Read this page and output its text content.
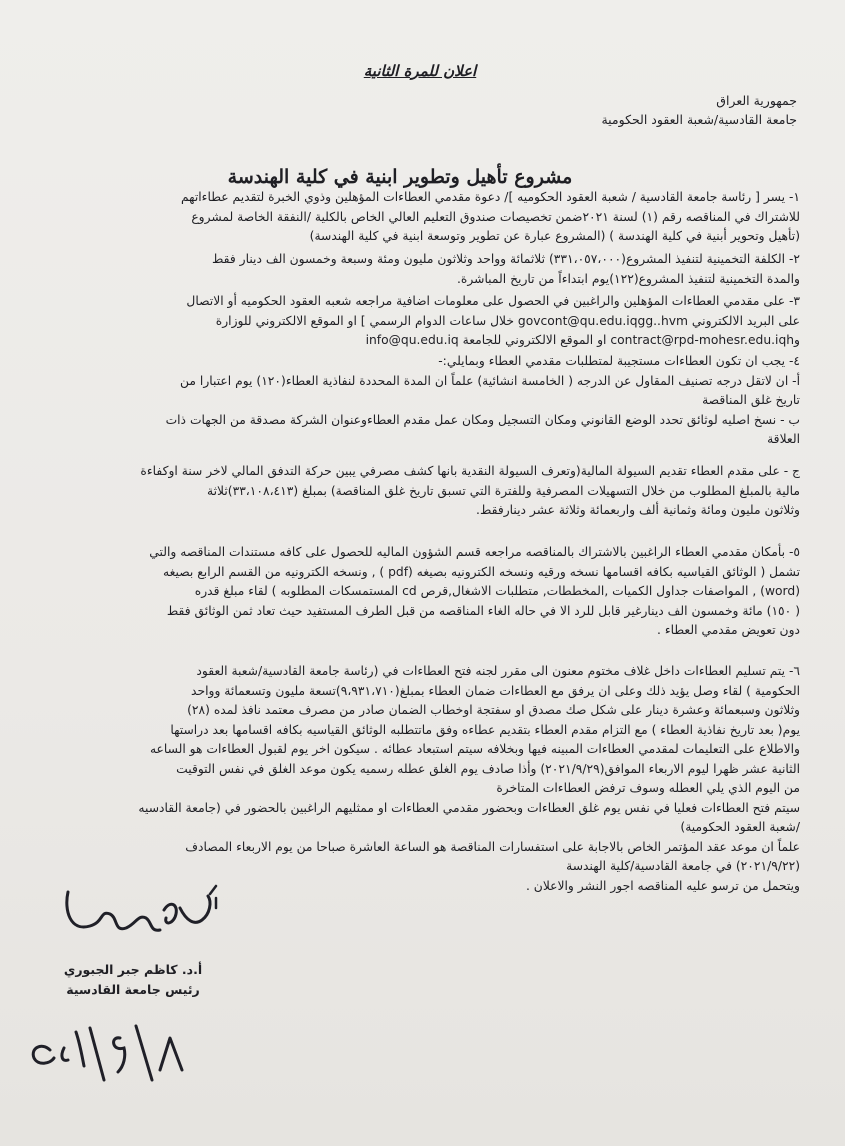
اعلان للمرة الثانية
جمهورية العراق
جامعة القادسية/شعبة العقود الحكومية
مشروع تأهيل وتطوير ابنية في كلية الهندسة
١- يسر [ رئاسة جامعة القادسية / شعبة العقود الحكوميه ]/ دعوة مقدمي العطاءات المؤهلين وذوي الخبرة لتقديم عطاءاتهم
للاشتراك في المناقصه رقم (١) لسنة ٢٠٢١ضمن تخصيصات صندوق التعليم العالي الخاص بالكلية /النفقة الخاصة لمشروع
(تأهيل وتحوير أبنية في كلية الهندسة ) (المشروع عبارة عن تطوير وتوسعة ابنية في كلية الهندسة)
٢- الكلفة التخمينية لتنفيذ المشروع(٣٣١،٠٥٧،٠٠٠) ثلاثمائة وواحد وثلاثون مليون ومئة وسبعة وخمسون الف دينار فقط
والمدة التخمينية لتنفيذ المشروع(١٢٢)يوم ابتداءاً من تاريخ المباشرة.
٣- على مقدمي العطاءات المؤهلين والراغبين في الحصول على معلومات اضافية مراجعه شعبه العقود الحكوميه أو الاتصال
على البريد الالكتروني govcont@qu.edu.iqgg..hvm خلال ساعات الدوام الرسمي ] او الموقع الالكتروني للوزارة
وcontract@rpd-mohesr.edu.iqh او الموقع الالكتروني للجامعة info@qu.edu.iq
٤- يجب ان تكون العطاءات مستجيبة لمتطلبات مقدمي العطاء وبمايلي:-
أ- ان لاتقل درجه تصنيف المقاول عن الدرجه ( الخامسة انشائية) علماً ان المدة المحددة لنفاذية العطاء(١٢٠) يوم اعتبارا من
تاريخ غلق المناقصة
ب - نسخ اصليه لوثائق تحدد الوضع القانوني ومكان التسجيل ومكان عمل مقدم العطاءوعنوان الشركة مصدقة من الجهات ذات
العلاقة
ج - على مقدم العطاء تقديم السيولة المالية(وتعرف السيولة النقدية بانها كشف مصرفي يبين حركة التدفق المالي لاخر سنة اوكفاءة
مالية بالمبلغ المطلوب من خلال التسهيلات المصرفية وللفترة التي تسبق تاريخ غلق المناقصة) بمبلغ (٣٣،١٠٨،٤١٣)ثلاثة
وثلاثون مليون ومائة وثمانية ألف واربعمائة وثلاثة عشر دينارفقط.
٥- بأمكان مقدمي العطاء الراغبين بالاشتراك بالمناقصه مراجعه قسم الشؤون الماليه للحصول على كافه مستندات المناقصه والتي
تشمل ( الوثائق القياسيه بكافه اقسامها نسخه ورقيه ونسخه الكترونيه بصيغه (pdf ) , ونسخه الكترونيه من القسم الرابع بصيغه
(word) , المواصفات جداول الكميات ,المخططات, متطلبات الاشغال,قرص cd المستمسكات المطلوبه ) لقاء مبلغ قدره
( ١٥٠) مائة وخمسون الف دينارغير قابل للرد الا في حاله الغاء المناقصه من قبل الطرف المستفيد حيث تعاد ثمن الوثائق فقط
دون تعويض مقدمي العطاء .
٦- يتم تسليم العطاءات داخل غلاف مختوم معنون الى مقرر لجنه فتح العطاءات في (رئاسة جامعة القادسية/شعبة العقود
الحكومية ) لقاء وصل يؤيد ذلك وعلى ان يرفق مع العطاءات ضمان العطاء بمبلغ(٩،٩٣١،٧١٠)تسعة مليون وتسعمائة وواحد
وثلاثون وسبعمائة وعشرة دينار على شكل صك مصدق او سفتجة اوخطاب الضمان صادر من مصرف معتمد نافذ لمده (٢٨)
يوم( بعد تاريخ نفاذية العطاء ) مع التزام مقدم العطاء بتقديم عطاءه وفق ماتتطلبه الوثائق القياسيه بكافه اقسامها بعد دراستها
والاطلاع على التعليمات لمقدمي العطاءات المبينه فيها وبخلافه سيتم استبعاد عطائه . سيكون اخر يوم لقبول العطاءات هو الساعه
الثانية عشر ظهرا ليوم الاربعاء الموافق(٢٠٢١/٩/٢٩) وأذا صادف يوم الغلق عطله رسميه يكون موعد الغلق في نفس التوقيت
من اليوم الذي يلي العطله وسوف ترفض العطاءات المتاخرة
سيتم فتح العطاءات فعليا في نفس يوم غلق العطاءات وبحضور مقدمي العطاءات او ممثليهم الراغبين بالحضور في (جامعة القادسيه
/شعبة العقود الحكومية)
علماً ان موعد عقد المؤتمر الخاص بالاجابة على استفسارات المناقصة هو الساعة العاشرة صباحا من يوم الاربعاء المصادف
(٢٠٢١/٩/٢٢) في جامعة القادسية/كلية الهندسة
ويتحمل من ترسو عليه المناقصه اجور النشر والاعلان .
أ.د. كاظم جبر الجبوري
رئيس جامعة القادسية
